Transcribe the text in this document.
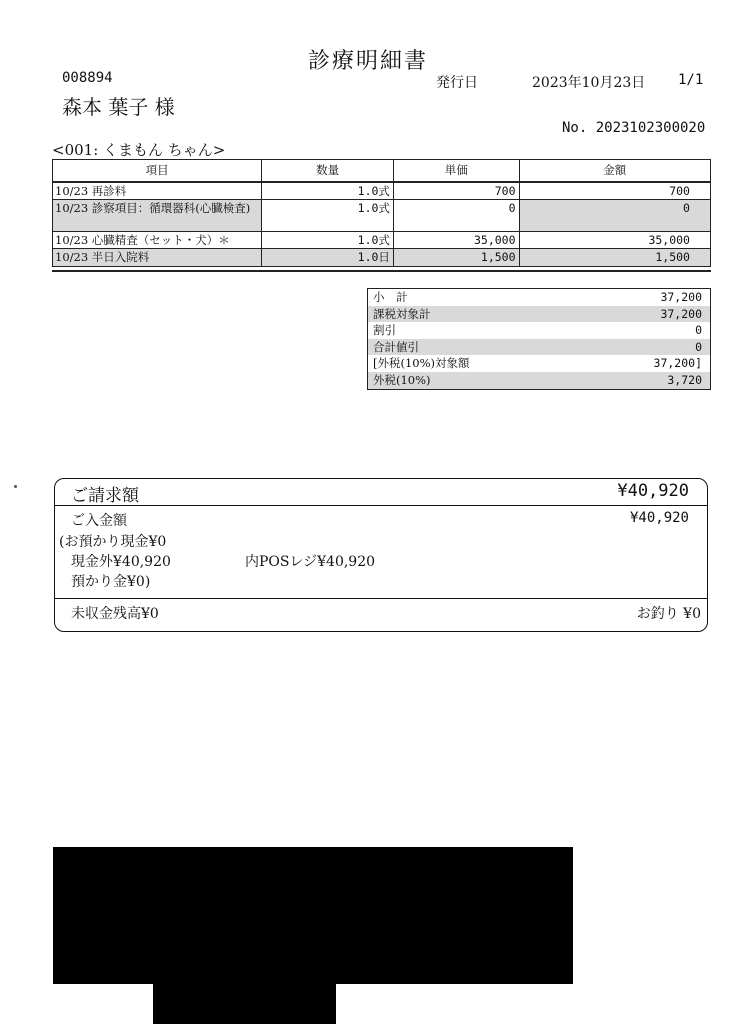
診療明細書
008894	発行日	2023年10月23日 1/1
森本 葉子 様
No. 2023102300020
<001: くまもん ちゃん>
項目	数量	単価	金額
10/23 再診料	1.0式	700	700
10/23 診察項目：循環器科(心臓検査)	1.0式	0	0
10/23 心臓精査（セット・犬）＊	1.0式	35,000	35,000
10/23 半日入院料	1.0日	1,500	1,500
小　計	37,200
課税対象計	37,200
割引	0
合計値引	0
[外税(10%)対象額	37,200]
外税(10%)	3,720
ご請求額	¥40,920
ご入金額	¥40,920
(お預かり現金¥0
現金外¥40,920	内POSレジ¥40,920
預かり金¥0)
未収金残高¥0	お釣り ¥0
